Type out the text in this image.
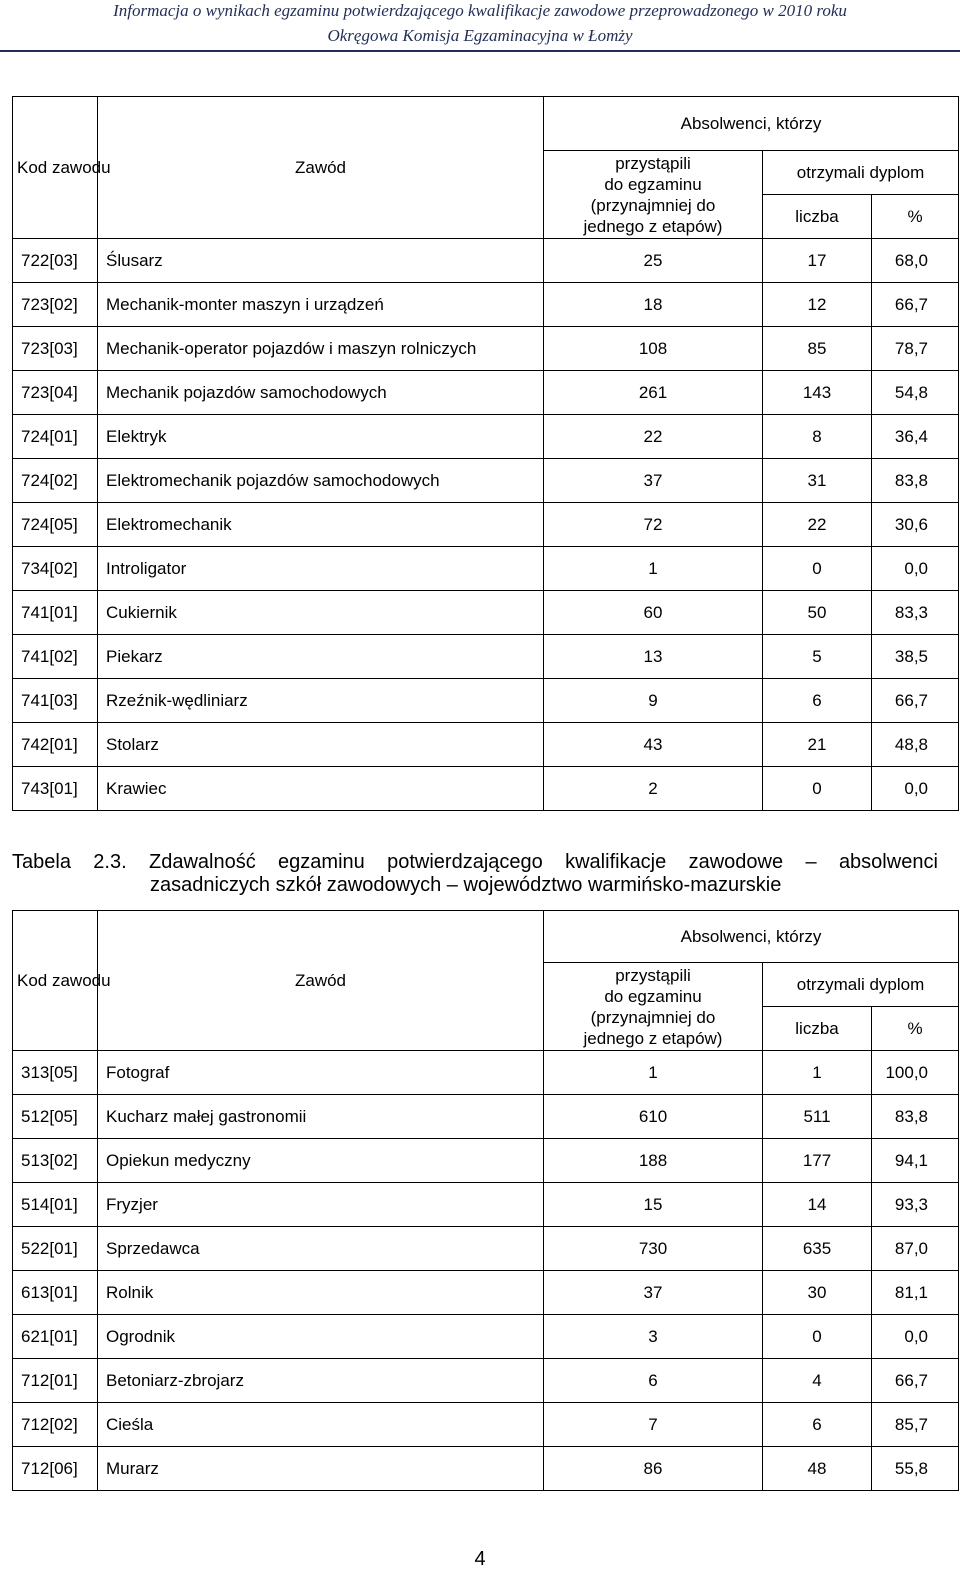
Informacja o wynikach egzaminu potwierdzającego kwalifikacje zawodowe przeprowadzonego w 2010 roku
Okręgowa Komisja Egzaminacyjna w Łomży
Kod zawodu	Zawód	Absolwenci, którzy		

		przystąpili
do egzaminu
(przynajmniej do
jednego z etapów)	otrzymali dyplom	
			liczba	%
722[03]	Ślusarz	25	17	68,0
723[02]	Mechanik-monter maszyn i urządzeń	18	12	66,7
723[03]	Mechanik-operator pojazdów i maszyn rolniczych	108	85	78,7
723[04]	Mechanik pojazdów samochodowych	261	143	54,8
724[01]	Elektryk	22	8	36,4
724[02]	Elektromechanik pojazdów samochodowych	37	31	83,8
724[05]	Elektromechanik	72	22	30,6
734[02]	Introligator	1	0	0,0
741[01]	Cukiernik	60	50	83,3
741[02]	Piekarz	13	5	38,5
741[03]	Rzeźnik-wędliniarz	9	6	66,7
742[01]	Stolarz	43	21	48,8
743[01]	Krawiec	2	0	0,0
Tabela 2.3. Zdawalność egzaminu potwierdzającego kwalifikacje zawodowe – absolwenci
zasadniczych szkół zawodowych – województwo warmińsko-mazurskie
Kod zawodu	Zawód	Absolwenci, którzy		

		przystąpili
do egzaminu
(przynajmniej do
jednego z etapów)	otrzymali dyplom	
			liczba	%
313[05]	Fotograf	1	1	100,0
512[05]	Kucharz małej gastronomii	610	511	83,8
513[02]	Opiekun medyczny	188	177	94,1
514[01]	Fryzjer	15	14	93,3
522[01]	Sprzedawca	730	635	87,0
613[01]	Rolnik	37	30	81,1
621[01]	Ogrodnik	3	0	0,0
712[01]	Betoniarz-zbrojarz	6	4	66,7
712[02]	Cieśla	7	6	85,7
712[06]	Murarz	86	48	55,8
4
